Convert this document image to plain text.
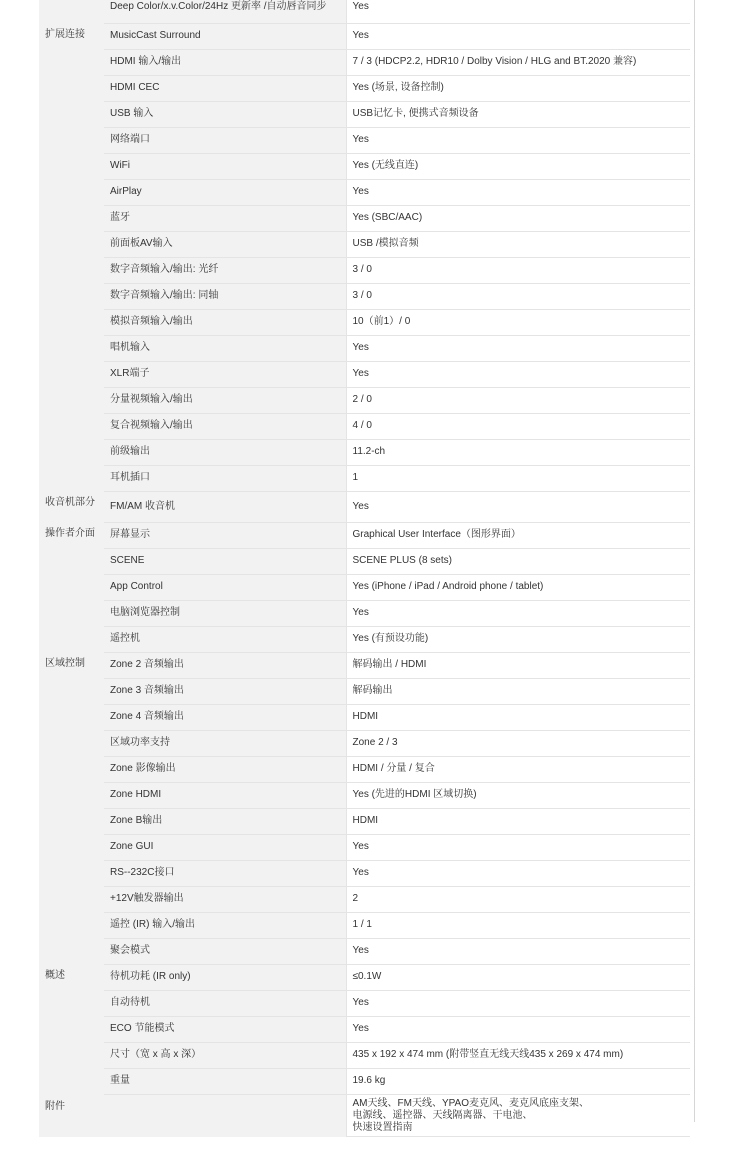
	Deep Color/x.v.Color/24Hz 更新率 /自动唇音同步	Yes
扩展连接	MusicCast Surround	Yes
	HDMI 输入/输出	7 / 3 (HDCP2.2, HDR10 / Dolby Vision / HLG and BT.2020 兼容)
	HDMI CEC	Yes (场景, 设备控制)
	USB 输入	USB记忆卡, 便携式音频设备
	网络端口	Yes
	WiFi	Yes (无线直连)
	AirPlay	Yes
	蓝牙	Yes (SBC/AAC)
	前面板AV输入	USB /模拟音频
	数字音频输入/输出: 光纤	3 / 0
	数字音频输入/输出: 同轴	3 / 0
	模拟音频输入/输出	10（前1）/ 0
	唱机输入	Yes
	XLR端子	Yes
	分量视频输入/输出	2 / 0
	复合视频输入/输出	4 / 0
	前级输出	11.2-ch
	耳机插口	1
收音机部分	FM/AM 收音机	Yes
操作者介面	屏幕显示	Graphical User Interface（图形界面）
	SCENE	SCENE PLUS (8 sets)
	App Control	Yes (iPhone / iPad / Android phone / tablet)
	电脑浏览器控制	Yes
	遥控机	Yes (有预设功能)
区域控制	Zone 2 音频输出	解码输出 / HDMI
	Zone 3 音频输出	解码输出
	Zone 4 音频输出	HDMI
	区域功率支持	Zone 2 / 3
	Zone 影像输出	HDMI / 分量 / 复合
	Zone HDMI	Yes (先进的HDMI 区域切换)
	Zone B输出	HDMI
	Zone GUI	Yes
	RS--232C接口	Yes
	+12V触发器输出	2
	遥控 (IR) 输入/输出	1 / 1
	聚会模式	Yes
概述	待机功耗 (IR only)	≤0.1W
	自动待机	Yes
	ECO 节能模式	Yes
	尺寸（宽 x 高 x 深）	435 x 192 x 474 mm (附带竖直无线天线435 x 269 x 474 mm)
	重量	19.6 kg
附件		AM天线、FM天线、YPAO麦克风、麦克风底座支架、
电源线、遥控器、天线隔离器、干电池、
快速设置指南
